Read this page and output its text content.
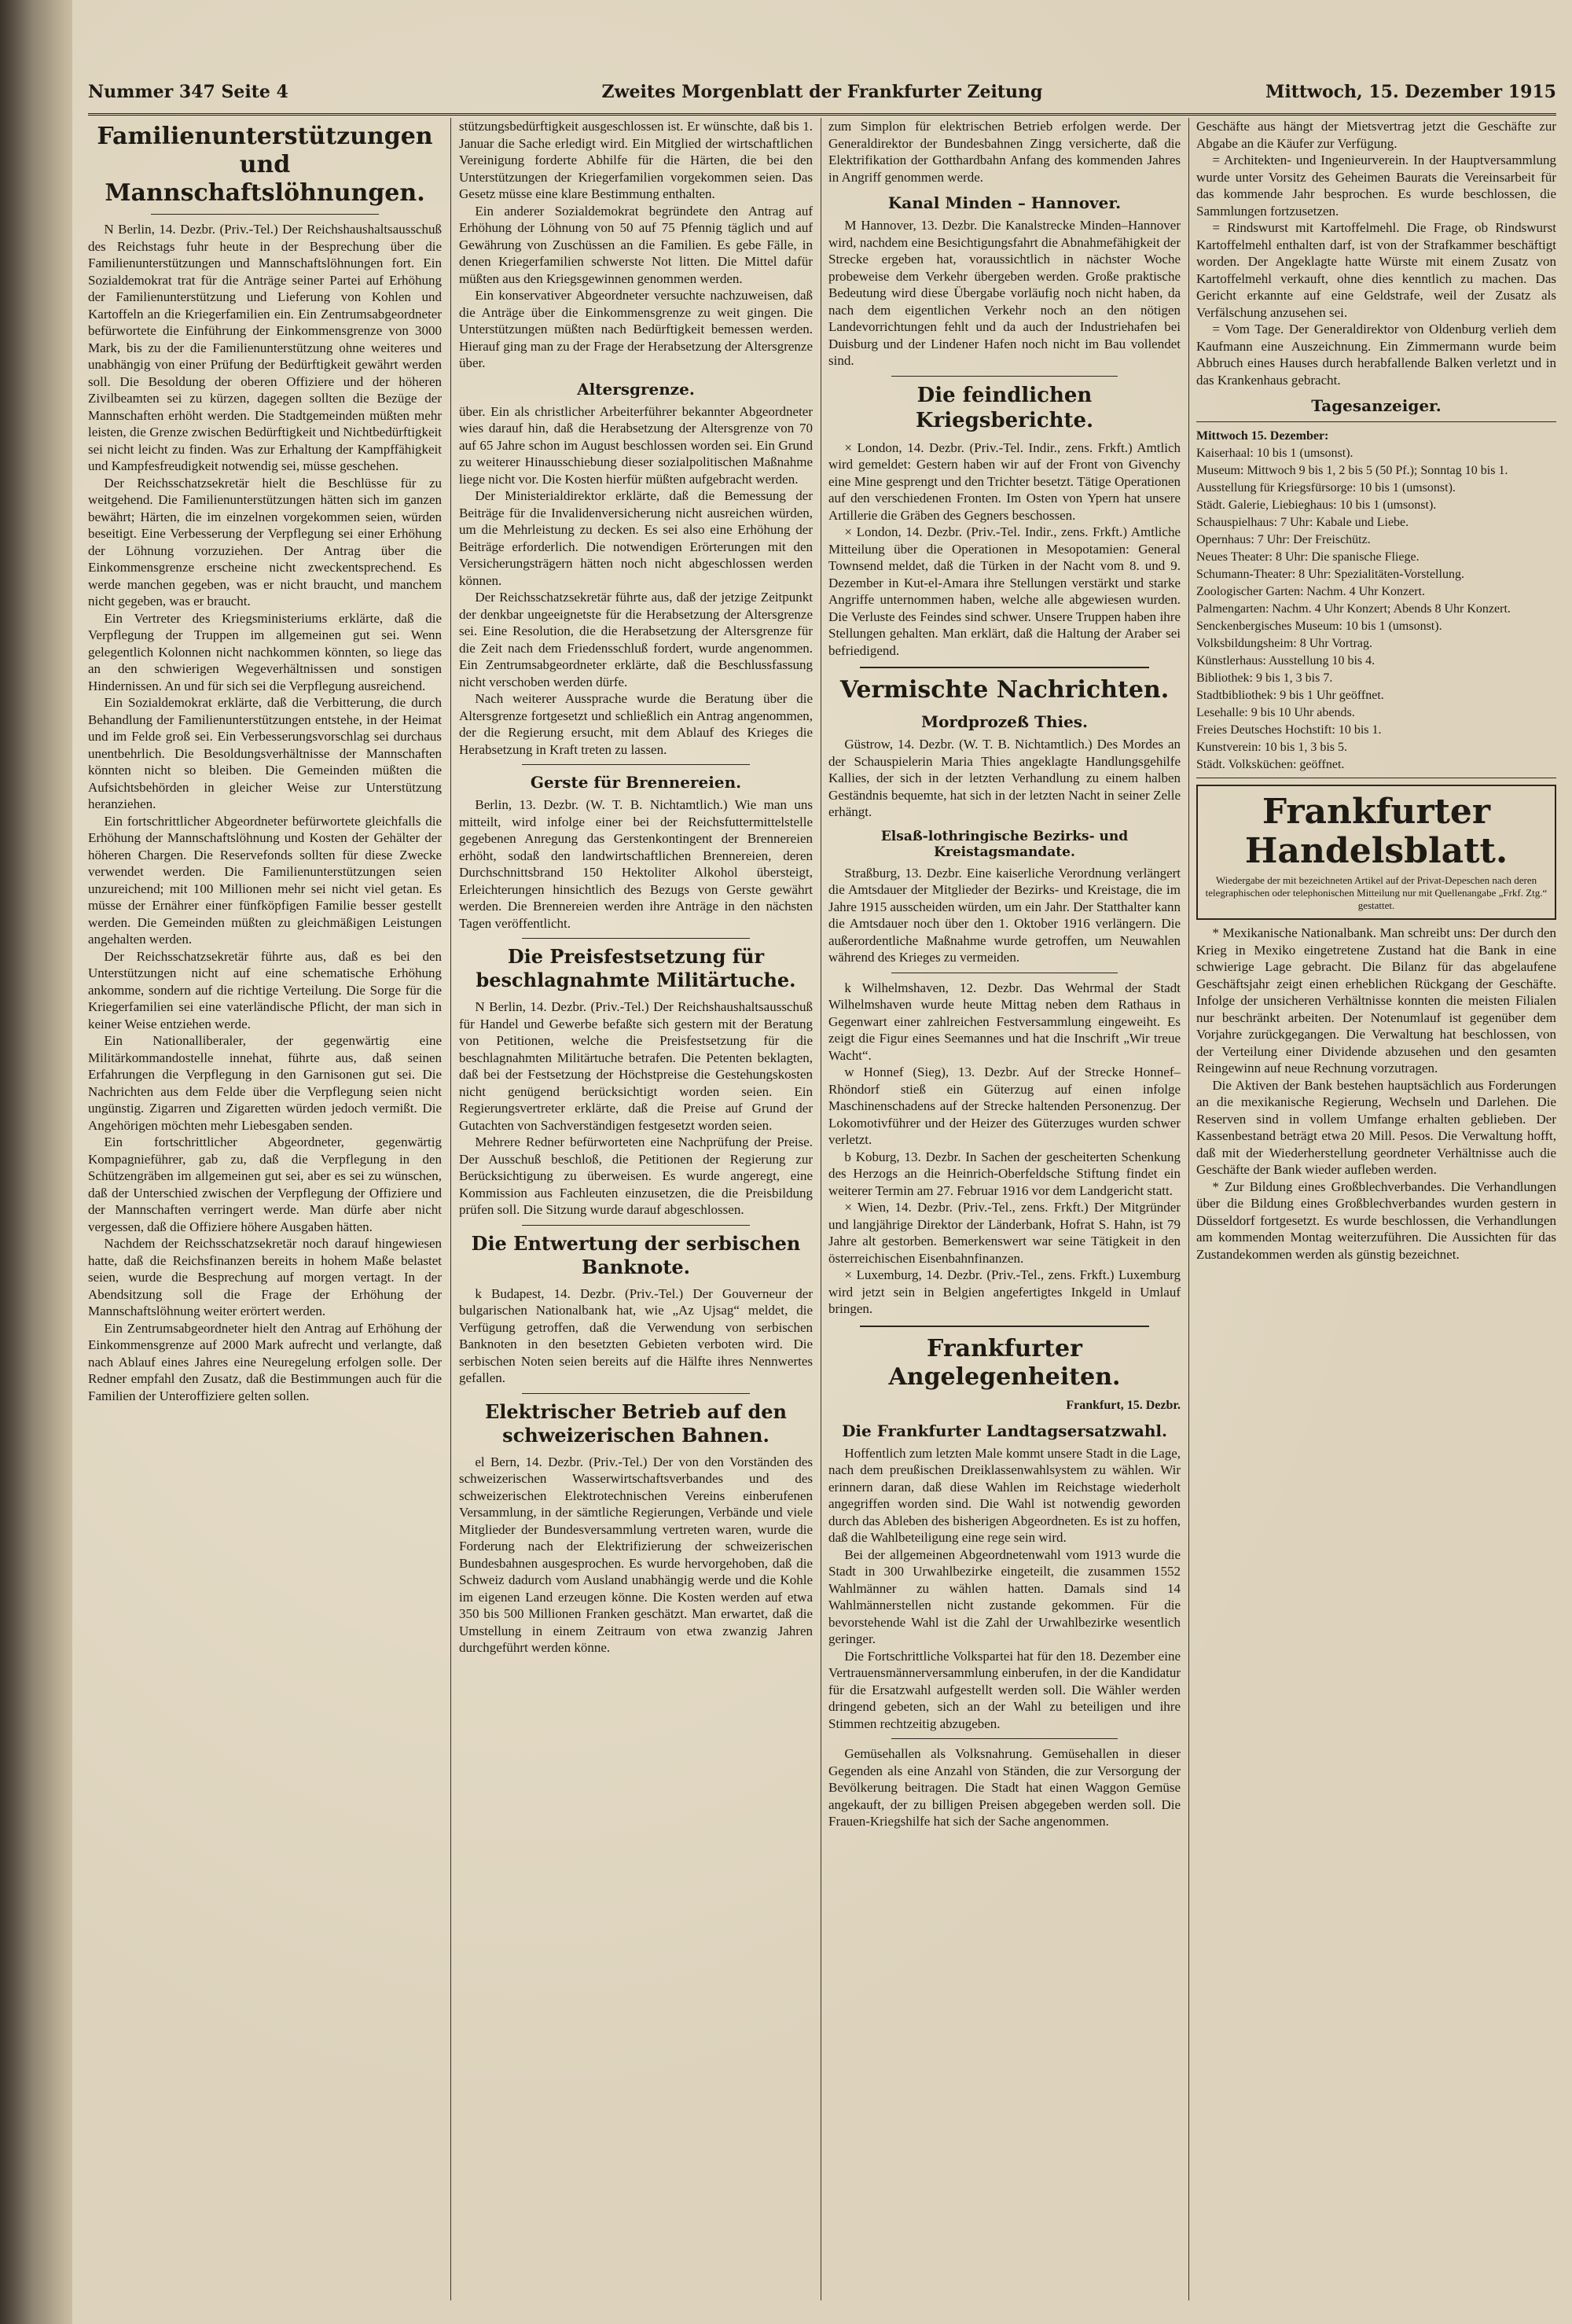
Nummer 347 Seite 4	Zweites Morgenblatt der Frankfurter Zeitung	Mittwoch, 15. Dezember 1915
Familienunterstützungen und Mannschaftslöhnungen.

N Berlin, 14. Dezbr. (Priv.-Tel.) Der Reichshaushaltsausschuß des Reichstags fuhr heute in der Besprechung über die Familienunterstützungen und Mannschaftslöhnungen fort. Ein Sozialdemokrat trat für die Anträge seiner Partei auf Erhöhung der Familienunterstützung und Lieferung von Kohlen und Kartoffeln an die Kriegerfamilien ein. Ein Zentrumsabgeordneter befürwortete die Einführung der Einkommensgrenze von 3000 Mark, bis zu der die Familienunterstützung ohne weiteres und unabhängig von einer Prüfung der Bedürftigkeit gewährt werden soll. Die Besoldung der oberen Offiziere und der höheren Zivilbeamten sei zu kürzen, dagegen sollten die Bezüge der Mannschaften erhöht werden. Die Stadtgemeinden müßten mehr leisten, die Grenze zwischen Bedürftigkeit und Nichtbedürftigkeit sei nicht leicht zu finden. Was zur Erhaltung der Kampffähigkeit und Kampfesfreudigkeit notwendig sei, müsse geschehen.

Der Reichsschatzsekretär hielt die Beschlüsse für zu weitgehend. Die Familienunterstützungen hätten sich im ganzen bewährt; Härten, die im einzelnen vorgekommen seien, würden beseitigt. Eine Verbesserung der Verpflegung sei einer Erhöhung der Löhnung vorzuziehen. Der Antrag über die Einkommensgrenze erscheine nicht zweckentsprechend. Es werde manchen gegeben, was er nicht braucht, und manchem nicht gegeben, was er braucht.

Ein Vertreter des Kriegsministeriums erklärte, daß die Verpflegung der Truppen im allgemeinen gut sei. Wenn gelegentlich Kolonnen nicht nachkommen könnten, so liege das an den schwierigen Wegeverhältnissen und sonstigen Hindernissen. An und für sich sei die Verpflegung ausreichend.

Ein Sozialdemokrat erklärte, daß die Verbitterung, die durch Behandlung der Familienunterstützungen entstehe, in der Heimat und im Felde groß sei. Ein Verbesserungsvorschlag sei durchaus unentbehrlich. Die Besoldungsverhältnisse der Mannschaften könnten nicht so bleiben. Die Gemeinden müßten die Aufsichtsbehörden in gleicher Weise zur Unterstützung heranziehen.

Ein fortschrittlicher Abgeordneter befürwortete gleichfalls die Erhöhung der Mannschaftslöhnung und Kosten der Gehälter der höheren Chargen. Die Reservefonds sollten für diese Zwecke verwendet werden. Die Familienunterstützungen seien unzureichend; mit 100 Millionen mehr sei nicht viel getan. Es müsse der Ernährer einer fünfköpfigen Familie besser gestellt werden. Die Gemeinden müßten zu gleichmäßigen Leistungen angehalten werden.

Der Reichsschatzsekretär führte aus, daß es bei den Unterstützungen nicht auf eine schematische Erhöhung ankomme, sondern auf die richtige Verteilung. Die Sorge für die Kriegerfamilien sei eine vaterländische Pflicht, der man sich in keiner Weise entziehen werde.

Ein Nationalliberaler, der gegenwärtig eine Militärkommandostelle innehat, führte aus, daß seinen Erfahrungen die Verpflegung in den Garnisonen gut sei. Die Nachrichten aus dem Felde über die Verpflegung seien nicht ungünstig. Zigarren und Zigaretten würden jedoch vermißt. Die Angehörigen möchten mehr Liebesgaben senden.

Ein fortschrittlicher Abgeordneter, gegenwärtig Kompagnieführer, gab zu, daß die Verpflegung in den Schützengräben im allgemeinen gut sei, aber es sei zu wünschen, daß der Unterschied zwischen der Verpflegung der Offiziere und der Mannschaften verringert werde. Man dürfe aber nicht vergessen, daß die Offiziere höhere Ausgaben hätten.

Nachdem der Reichsschatzsekretär noch darauf hingewiesen hatte, daß die Reichsfinanzen bereits in hohem Maße belastet seien, wurde die Besprechung auf morgen vertagt. In der Abendsitzung soll die Frage der Erhöhung der Mannschaftslöhnung weiter erörtert werden.

Ein Zentrumsabgeordneter hielt den Antrag auf Erhöhung der Einkommensgrenze auf 2000 Mark aufrecht und verlangte, daß nach Ablauf eines Jahres eine Neuregelung erfolgen solle. Der Redner empfahl den Zusatz, daß die Bestimmungen auch für die Familien der Unteroffiziere gelten sollen.

stützungsbedürftigkeit ausgeschlossen ist. Er wünschte, daß bis 1. Januar die Sache erledigt wird. Ein Mitglied der wirtschaftlichen Vereinigung forderte Abhilfe für die Härten, die bei den Unterstützungen der Kriegerfamilien vorgekommen seien. Das Gesetz müsse eine klare Bestimmung enthalten.

Ein anderer Sozialdemokrat begründete den Antrag auf Erhöhung der Löhnung von 50 auf 75 Pfennig täglich und auf Gewährung von Zuschüssen an die Familien. Es gebe Fälle, in denen Kriegerfamilien schwerste Not litten. Die Mittel dafür müßten aus den Kriegsgewinnen genommen werden.

Ein konservativer Abgeordneter versuchte nachzuweisen, daß die Anträge über die Einkommensgrenze zu weit gingen. Die Unterstützungen müßten nach Bedürftigkeit bemessen werden. Hierauf ging man zu der Frage der Herabsetzung der Altersgrenze über.

Altersgrenze.

über. Ein als christlicher Arbeiterführer bekannter Abgeordneter wies darauf hin, daß die Herabsetzung der Altersgrenze von 70 auf 65 Jahre schon im August beschlossen worden sei. Ein Grund zu weiterer Hinausschiebung dieser sozialpolitischen Maßnahme liege nicht vor. Die Kosten hierfür müßten aufgebracht werden.

Der Ministerialdirektor erklärte, daß die Bemessung der Beiträge für die Invalidenversicherung nicht ausreichen würden, um die Mehrleistung zu decken. Es sei also eine Erhöhung der Beiträge erforderlich. Die notwendigen Erörterungen mit den Versicherungsträgern hätten noch nicht abgeschlossen werden können.

Der Reichsschatzsekretär führte aus, daß der jetzige Zeitpunkt der denkbar ungeeignetste für die Herabsetzung der Altersgrenze sei. Eine Resolution, die die Herabsetzung der Altersgrenze für die Zeit nach dem Friedensschluß fordert, wurde angenommen. Ein Zentrumsabgeordneter erklärte, daß die Beschlussfassung nicht verschoben werden dürfe.

Nach weiterer Aussprache wurde die Beratung über die Altersgrenze fortgesetzt und schließlich ein Antrag angenommen, der die Regierung ersucht, mit dem Ablauf des Krieges die Herabsetzung in Kraft treten zu lassen.

Gerste für Brennereien.

Berlin, 13. Dezbr. (W. T. B. Nichtamtlich.) Wie man uns mitteilt, wird infolge einer bei der Reichsfuttermittelstelle gegebenen Anregung das Gerstenkontingent der Brennereien erhöht, sodaß den landwirtschaftlichen Brennereien, deren Durchschnittsbrand 150 Hektoliter Alkohol übersteigt, Erleichterungen hinsichtlich des Bezugs von Gerste gewährt werden. Die Brennereien werden ihre Anträge in den nächsten Tagen veröffentlicht.

Die Preisfestsetzung für beschlagnahmte Militärtuche.

N Berlin, 14. Dezbr. (Priv.-Tel.) Der Reichshaushaltsausschuß für Handel und Gewerbe befaßte sich gestern mit der Beratung von Petitionen, welche die Preisfestsetzung für die beschlagnahmten Militärtuche betrafen. Die Petenten beklagten, daß bei der Festsetzung der Höchstpreise die Gestehungskosten nicht genügend berücksichtigt worden seien. Ein Regierungsvertreter erklärte, daß die Preise auf Grund der Gutachten von Sachverständigen festgesetzt worden seien.

Mehrere Redner befürworteten eine Nachprüfung der Preise. Der Ausschuß beschloß, die Petitionen der Regierung zur Berücksichtigung zu überweisen. Es wurde angeregt, eine Kommission aus Fachleuten einzusetzen, die die Preisbildung prüfen soll. Die Sitzung wurde darauf abgeschlossen.

Die Entwertung der serbischen Banknote.

k Budapest, 14. Dezbr. (Priv.-Tel.) Der Gouverneur der bulgarischen Nationalbank hat, wie „Az Ujsag“ meldet, die Verfügung getroffen, daß die Verwendung von serbischen Banknoten in den besetzten Gebieten verboten wird. Die serbischen Noten seien bereits auf die Hälfte ihres Nennwertes gefallen.

Elektrischer Betrieb auf den schweizerischen Bahnen.

el Bern, 14. Dezbr. (Priv.-Tel.) Der von den Vorständen des schweizerischen Wasserwirtschaftsverbandes und des schweizerischen Elektrotechnischen Vereins einberufenen Versammlung, in der sämtliche Regierungen, Verbände und viele Mitglieder der Bundesversammlung vertreten waren, wurde die Forderung nach der Elektrifizierung der schweizerischen Bundesbahnen ausgesprochen. Es wurde hervorgehoben, daß die Schweiz dadurch vom Ausland unabhängig werde und die Kohle im eigenen Land erzeugen könne. Die Kosten werden auf etwa 350 bis 500 Millionen Franken geschätzt. Man erwartet, daß die Umstellung in einem Zeitraum von etwa zwanzig Jahren durchgeführt werden könne.

zum Simplon für elektrischen Betrieb erfolgen werde. Der Generaldirektor der Bundesbahnen Zingg versicherte, daß die Elektrifikation der Gotthardbahn Anfang des kommenden Jahres in Angriff genommen werde.

Kanal Minden – Hannover.

M Hannover, 13. Dezbr. Die Kanalstrecke Minden–Hannover wird, nachdem eine Besichtigungsfahrt die Abnahmefähigkeit der Strecke ergeben hat, voraussichtlich in nächster Woche probeweise dem Verkehr übergeben werden. Große praktische Bedeutung wird diese Übergabe vorläufig noch nicht haben, da nach dem eigentlichen Verkehr noch an den nötigen Landevorrichtungen fehlt und da auch der Industriehafen bei Duisburg und der Lindener Hafen noch nicht im Bau vollendet sind.

Die feindlichen Kriegsberichte.

× London, 14. Dezbr. (Priv.-Tel. Indir., zens. Frkft.) Amtlich wird gemeldet: Gestern haben wir auf der Front von Givenchy eine Mine gesprengt und den Trichter besetzt. Tätige Operationen auf den verschiedenen Fronten. Im Osten von Ypern hat unsere Artillerie die Gräben des Gegners beschossen.

× London, 14. Dezbr. (Priv.-Tel. Indir., zens. Frkft.) Amtliche Mitteilung über die Operationen in Mesopotamien: General Townsend meldet, daß die Türken in der Nacht vom 8. und 9. Dezember in Kut-el-Amara ihre Stellungen verstärkt und starke Angriffe unternommen haben, welche alle abgewiesen wurden. Die Verluste des Feindes sind schwer. Unsere Truppen haben ihre Stellungen gehalten. Man erklärt, daß die Haltung der Araber sei befriedigend.

Vermischte Nachrichten.
Mordprozeß Thies.

Güstrow, 14. Dezbr. (W. T. B. Nichtamtlich.) Des Mordes an der Schauspielerin Maria Thies angeklagte Handlungsgehilfe Kallies, der sich in der letzten Verhandlung zu einem halben Geständnis bequemte, hat sich in der letzten Nacht in seiner Zelle erhängt.

Elsaß-lothringische Bezirks- und Kreistagsmandate.

Straßburg, 13. Dezbr. Eine kaiserliche Verordnung verlängert die Amtsdauer der Mitglieder der Bezirks- und Kreistage, die im Jahre 1915 ausscheiden würden, um ein Jahr. Der Statthalter kann die Amtsdauer noch über den 1. Oktober 1916 verlängern. Die außerordentliche Maßnahme wurde getroffen, um Neuwahlen während des Krieges zu vermeiden.

k Wilhelmshaven, 12. Dezbr. Das Wehrmal der Stadt Wilhelmshaven wurde heute Mittag neben dem Rathaus in Gegenwart einer zahlreichen Festversammlung eingeweiht. Es zeigt die Figur eines Seemannes und hat die Inschrift „Wir treue Wacht“.

w Honnef (Sieg), 13. Dezbr. Auf der Strecke Honnef–Rhöndorf stieß ein Güterzug auf einen infolge Maschinenschadens auf der Strecke haltenden Personenzug. Der Lokomotivführer und der Heizer des Güterzuges wurden schwer verletzt.

b Koburg, 13. Dezbr. In Sachen der gescheiterten Schenkung des Herzogs an die Heinrich-Oberfeldsche Stiftung findet ein weiterer Termin am 27. Februar 1916 vor dem Landgericht statt.

× Wien, 14. Dezbr. (Priv.-Tel., zens. Frkft.) Der Mitgründer und langjährige Direktor der Länderbank, Hofrat S. Hahn, ist 79 Jahre alt gestorben. Bemerkenswert war seine Tätigkeit in den österreichischen Eisenbahnfinanzen.

× Luxemburg, 14. Dezbr. (Priv.-Tel., zens. Frkft.) Luxemburg wird jetzt sein in Belgien angefertigtes Inkgeld in Umlauf bringen.

Frankfurter Angelegenheiten.
Frankfurt, 15. Dezbr.
Die Frankfurter Landtagsersatzwahl.

Hoffentlich zum letzten Male kommt unsere Stadt in die Lage, nach dem preußischen Dreiklassenwahlsystem zu wählen. Wir erinnern daran, daß diese Wahlen im Reichstage wiederholt angegriffen worden sind. Die Wahl ist notwendig geworden durch das Ableben des bisherigen Abgeordneten. Es ist zu hoffen, daß die Wahlbeteiligung eine rege sein wird.

Bei der allgemeinen Abgeordnetenwahl vom 1913 wurde die Stadt in 300 Urwahlbezirke eingeteilt, die zusammen 1552 Wahlmänner zu wählen hatten. Damals sind 14 Wahlmännerstellen nicht zustande gekommen. Für die bevorstehende Wahl ist die Zahl der Urwahlbezirke wesentlich geringer.

Die Fortschrittliche Volkspartei hat für den 18. Dezember eine Vertrauensmännerversammlung einberufen, in der die Kandidatur für die Ersatzwahl aufgestellt werden soll. Die Wähler werden dringend gebeten, sich an der Wahl zu beteiligen und ihre Stimmen rechtzeitig abzugeben.

Gemüsehallen als Volksnahrung. Gemüsehallen in dieser Gegenden als eine Anzahl von Ständen, die zur Versorgung der Bevölkerung beitragen. Die Stadt hat einen Waggon Gemüse angekauft, der zu billigen Preisen abgegeben werden soll. Die Frauen-Kriegshilfe hat sich der Sache angenommen.

Geschäfte aus hängt der Mietsvertrag jetzt die Geschäfte zur Abgabe an die Käufer zur Verfügung.

= Architekten- und Ingenieurverein. In der Hauptversammlung wurde unter Vorsitz des Geheimen Baurats die Vereinsarbeit für das kommende Jahr besprochen. Es wurde beschlossen, die Sammlungen fortzusetzen.

= Rindswurst mit Kartoffelmehl. Die Frage, ob Rindswurst Kartoffelmehl enthalten darf, ist von der Strafkammer beschäftigt worden. Der Angeklagte hatte Würste mit einem Zusatz von Kartoffelmehl verkauft, ohne dies kenntlich zu machen. Das Gericht erkannte auf eine Geldstrafe, weil der Zusatz als Verfälschung anzusehen sei.

= Vom Tage. Der Generaldirektor von Oldenburg verlieh dem Kaufmann eine Auszeichnung. Ein Zimmermann wurde beim Abbruch eines Hauses durch herabfallende Balken verletzt und in das Krankenhaus gebracht.

Tagesanzeiger.
Mittwoch 15. Dezember:
Kaiserhaal: 10 bis 1 (umsonst).
Museum: Mittwoch 9 bis 1, 2 bis 5 (50 Pf.); Sonntag 10 bis 1.
Ausstellung für Kriegsfürsorge: 10 bis 1 (umsonst).
Städt. Galerie, Liebieghaus: 10 bis 1 (umsonst).
Schauspielhaus: 7 Uhr: Kabale und Liebe.
Opernhaus: 7 Uhr: Der Freischütz.
Neues Theater: 8 Uhr: Die spanische Fliege.
Schumann-Theater: 8 Uhr: Spezialitäten-Vorstellung.
Zoologischer Garten: Nachm. 4 Uhr Konzert.
Palmengarten: Nachm. 4 Uhr Konzert; Abends 8 Uhr Konzert.
Senckenbergisches Museum: 10 bis 1 (umsonst).
Volksbildungsheim: 8 Uhr Vortrag.
Künstlerhaus: Ausstellung 10 bis 4.
Bibliothek: 9 bis 1, 3 bis 7.
Stadtbibliothek: 9 bis 1 Uhr geöffnet.
Lesehalle: 9 bis 10 Uhr abends.
Freies Deutsches Hochstift: 10 bis 1.
Kunstverein: 10 bis 1, 3 bis 5.
Städt. Volksküchen: geöffnet.
Frankfurter Handelsblatt.
Wiedergabe der mit bezeichneten Artikel auf der Privat-Depeschen nach deren telegraphischen oder telephonischen Mitteilung nur mit Quellenangabe „Frkf. Ztg.“ gestattet.

* Mexikanische Nationalbank. Man schreibt uns: Der durch den Krieg in Mexiko eingetretene Zustand hat die Bank in eine schwierige Lage gebracht. Die Bilanz für das abgelaufene Geschäftsjahr zeigt einen erheblichen Rückgang der Geschäfte. Infolge der unsicheren Verhältnisse konnten die meisten Filialen nur beschränkt arbeiten. Der Notenumlauf ist gegenüber dem Vorjahre zurückgegangen. Die Verwaltung hat beschlossen, von der Verteilung einer Dividende abzusehen und den gesamten Reingewinn auf neue Rechnung vorzutragen.

Die Aktiven der Bank bestehen hauptsächlich aus Forderungen an die mexikanische Regierung, Wechseln und Darlehen. Die Reserven sind in vollem Umfange erhalten geblieben. Der Kassenbestand beträgt etwa 20 Mill. Pesos. Die Verwaltung hofft, daß mit der Wiederherstellung geordneter Verhältnisse auch die Geschäfte der Bank wieder aufleben werden.

* Zur Bildung eines Großblechverbandes. Die Verhandlungen über die Bildung eines Großblechverbandes wurden gestern in Düsseldorf fortgesetzt. Es wurde beschlossen, die Verhandlungen am kommenden Montag weiterzuführen. Die Aussichten für das Zustandekommen werden als günstig bezeichnet.
